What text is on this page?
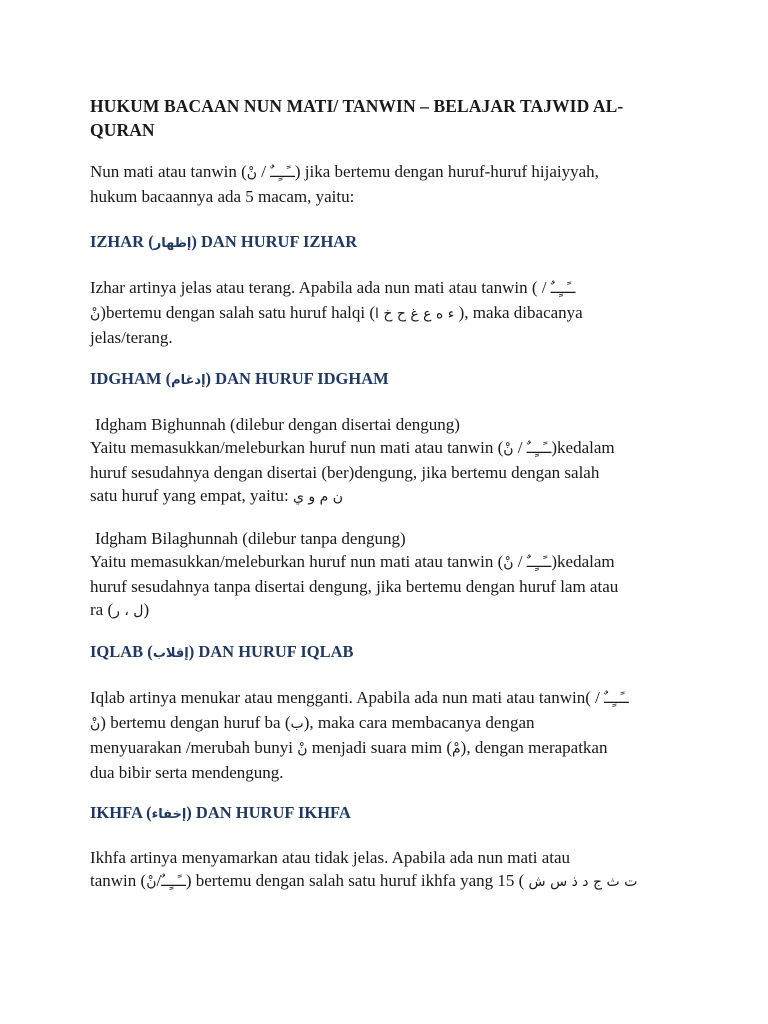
HUKUM BACAAN NUN MATI/ TANWIN – BELAJAR TAJWID AL-
QURAN

Nun mati atau tanwin (نْ / ــًــٍــٌ) jika bertemu dengan huruf-huruf hijaiyyah,
hukum bacaannya ada 5 macam, yaitu:

IZHAR (إظهار) DAN HURUF IZHAR

Izhar artinya jelas atau terang. Apabila ada nun mati atau tanwin ( / ــًــٍــٌ
نْ)bertemu dengan salah satu huruf halqi (ء ه ع غ ح خ ا ), maka dibacanya
jelas/terang.

IDGHAM (إدغام) DAN HURUF IDGHAM

Idgham Bighunnah (dilebur dengan disertai dengung)
Yaitu memasukkan/meleburkan huruf nun mati atau tanwin (نْ / ــًــٍــٌ)kedalam
huruf sesudahnya dengan disertai (ber)dengung, jika bertemu dengan salah
satu huruf yang empat, yaitu: ن م و ي

Idgham Bilaghunnah (dilebur tanpa dengung)
Yaitu memasukkan/meleburkan huruf nun mati atau tanwin (نْ / ــًــٍــٌ)kedalam
huruf sesudahnya tanpa disertai dengung, jika bertemu dengan huruf lam atau
ra (ل ، ر)

IQLAB (إقلاب) DAN HURUF IQLAB

Iqlab artinya menukar atau mengganti. Apabila ada nun mati atau tanwin( / ــًــٍــٌ
نْ) bertemu dengan huruf ba (ب), maka cara membacanya dengan
menyuarakan /merubah bunyi نْ menjadi suara mim (مْ), dengan merapatkan
dua bibir serta mendengung.

IKHFA (إخفاء) DAN HURUF IKHFA

Ikhfa artinya menyamarkan atau tidak jelas. Apabila ada nun mati atau
tanwin (نْ/ــًــٍــٌ) bertemu dengan salah satu huruf ikhfa yang 15 ( ت ث ج د ذ س ش
